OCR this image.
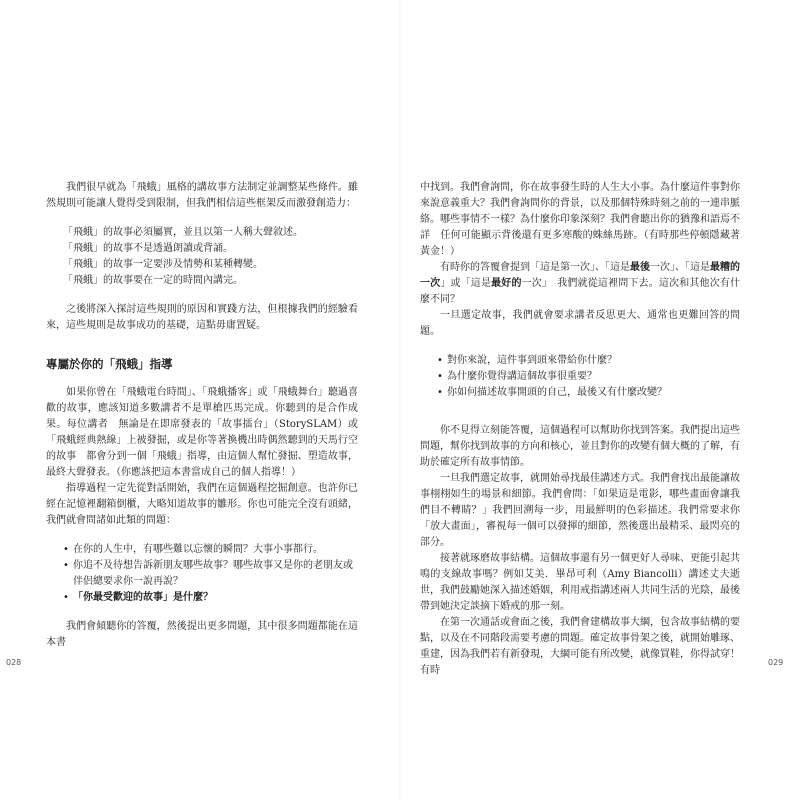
我們很早就為「飛蛾」風格的講故事方法制定並調整某些條件。雖然規則可能讓人覺得受到限制，但我們相信這些框架反而激發創造力：

「飛蛾」的故事必須屬實，並且以第一人稱大聲敘述。
「飛蛾」的故事不是透過朗讀或背誦。
「飛蛾」的故事一定要涉及情勢和某種轉變。
「飛蛾」的故事要在一定的時間內講完。

之後將深入探討這些規則的原因和實踐方法，但根據我們的經驗看來，這些規則是故事成功的基礎，這點毋庸置疑。

專屬於你的「飛蛾」指導

如果你曾在「飛蛾電台時間」、「飛蛾播客」或「飛蛾舞台」聽過喜歡的故事，應該知道多數講者不是單槍匹馬完成。你聽到的是合作成果。每位講者　無論是在即席發表的「故事擂台」（StorySLAM）或「飛蛾經典熱線」上被發掘，或是你等著換機出時偶然聽到的天馬行空的故事　都會分到一個「飛蛾」指導，由這個人幫忙發掘、塑造故事，最終大聲發表。（你應該把這本書當成自己的個人指導！）

指導過程一定先從對話開始，我們在這個過程挖掘創意。也許你已經在記憶裡翻箱倒櫃，大略知道故事的雛形。你也可能完全沒有頭緒，我們就會問諸如此類的問題：

• 在你的人生中，有哪些難以忘懷的瞬間？大事小事都行。
• 你追不及待想告訴新朋友哪些故事？哪些故事又是你的老朋友或伴侶總要求你一說再說？
• 「你最受歡迎的故事」是什麼？

我們會傾聽你的答覆，然後提出更多問題，其中很多問題都能在這本書

028

中找到。我們會詢問，你在故事發生時的人生大小事。為什麼這件事對你來說意義重大？我們會詢問你的背景，以及那個特殊時刻之前的一連串脈絡。哪些事情不一樣？為什麼你印象深刻？我們會聽出你的猶豫和語焉不詳　任何可能顯示背後還有更多寒酸的蛛絲馬跡。（有時那些停頓隱藏著黃金！）

有時你的答覆會提到「這是第一次」、「這是最後一次」、「這是最糟的一次」或「這是最好的一次」　我們就從這裡問下去。這次和其他次有什麼不同？

一旦選定故事，我們就會要求講者反思更大、通常也更難回答的問題。

• 對你來說，這件事到頭來帶給你什麼？
• 為什麼你覺得講這個故事很重要？
• 你如何描述故事開頭的自己，最後又有什麼改變？

你不見得立刻能答覆，這個過程可以幫助你找到答案。我們提出這些問題，幫你找到故事的方向和核心，並且對你的改變有個大概的了解，有助於確定所有故事情節。

一旦我們選定故事，就開始尋找最佳講述方式。我們會找出最能讓故事栩栩如生的場景和細節。我們會問：「如果這是電影，哪些畫面會讓我們目不轉睛？」我們回溯每一步，用最鮮明的色彩描述。我們常要求你「放大畫面」，審視每一個可以發揮的細節，然後選出最精采、最閃亮的部分。

接著就琢磨故事結構。這個故事還有另一個更好人尋味、更能引起共鳴的支線故事嗎？例如艾美．畢昂可利（Amy Biancolli）講述丈夫逝世，我們鼓勵她深入描述婚姻，利用戒指講述兩人共同生活的光陰，最後帶到她決定談摘下婚戒的那一刻。

在第一次通話或會面之後，我們會建構故事大綱，包含故事結構的要點，以及在不同階段需要考慮的問題。確定故事骨架之後，就開始雕琢、重建，因為我們若有新發現，大綱可能有所改變，就像買鞋，你得試穿！有時

029
